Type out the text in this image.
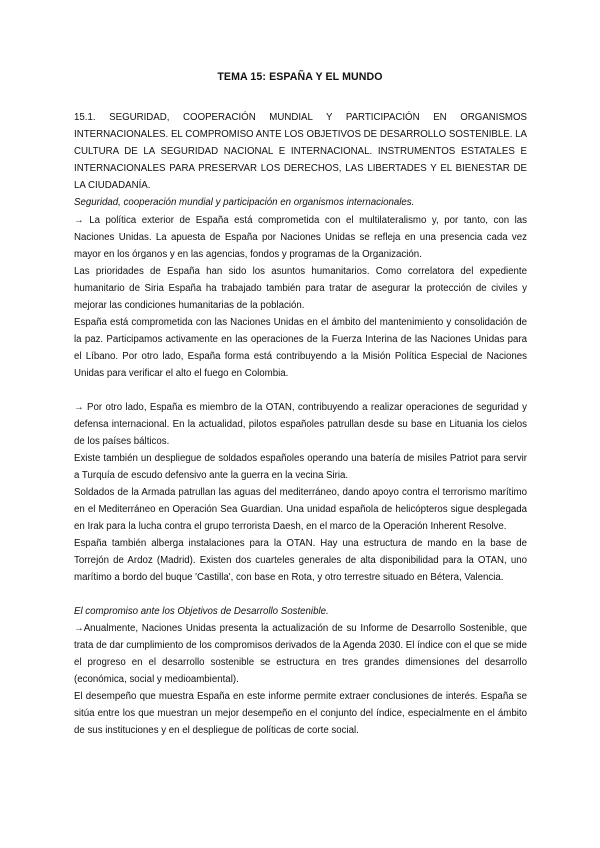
TEMA 15: ESPAÑA Y EL MUNDO

15.1. SEGURIDAD, COOPERACIÓN MUNDIAL Y PARTICIPACIÓN EN ORGANISMOS INTERNACIONALES. EL COMPROMISO ANTE LOS OBJETIVOS DE DESARROLLO SOSTENIBLE. LA CULTURA DE LA SEGURIDAD NACIONAL E INTERNACIONAL. INSTRUMENTOS ESTATALES E INTERNACIONALES PARA PRESERVAR LOS DERECHOS, LAS LIBERTADES Y EL BIENESTAR DE LA CIUDADANÍA.

Seguridad, cooperación mundial y participación en organismos internacionales.

→ La política exterior de España está comprometida con el multilateralismo y, por tanto, con las Naciones Unidas. La apuesta de España por Naciones Unidas se refleja en una presencia cada vez mayor en los órganos y en las agencias, fondos y programas de la Organización.

Las prioridades de España han sido los asuntos humanitarios. Como correlatora del expediente humanitario de Siria España ha trabajado también para tratar de asegurar la protección de civiles y mejorar las condiciones humanitarias de la población.

España está comprometida con las Naciones Unidas en el ámbito del mantenimiento y consolidación de la paz. Participamos activamente en las operaciones de la Fuerza Interina de las Naciones Unidas para el Líbano. Por otro lado, España forma está contribuyendo a la Misión Política Especial de Naciones Unidas para verificar el alto el fuego en Colombia.

→ Por otro lado, España es miembro de la OTAN, contribuyendo a realizar operaciones de seguridad y defensa internacional. En la actualidad, pilotos españoles patrullan desde su base en Lituania los cielos de los países bálticos.

Existe también un despliegue de soldados españoles operando una batería de misiles Patriot para servir a Turquía de escudo defensivo ante la guerra en la vecina Siria.

Soldados de la Armada patrullan las aguas del mediterráneo, dando apoyo contra el terrorismo marítimo en el Mediterráneo en Operación Sea Guardian. Una unidad española de helicópteros sigue desplegada en Irak para la lucha contra el grupo terrorista Daesh, en el marco de la Operación Inherent Resolve.

España también alberga instalaciones para la OTAN. Hay una estructura de mando en la base de Torrejón de Ardoz (Madrid). Existen dos cuarteles generales de alta disponibilidad para la OTAN, uno marítimo a bordo del buque 'Castilla', con base en Rota, y otro terrestre situado en Bétera, Valencia.

El compromiso ante los Objetivos de Desarrollo Sostenible.

→Anualmente, Naciones Unidas presenta la actualización de su Informe de Desarrollo Sostenible, que trata de dar cumplimiento de los compromisos derivados de la Agenda 2030. El índice con el que se mide el progreso en el desarrollo sostenible se estructura en tres grandes dimensiones del desarrollo (económica, social y medioambiental).

El desempeño que muestra España en este informe permite extraer conclusiones de interés. España se sitúa entre los que muestran un mejor desempeño en el conjunto del índice, especialmente en el ámbito de sus instituciones y en el despliegue de políticas de corte social.
